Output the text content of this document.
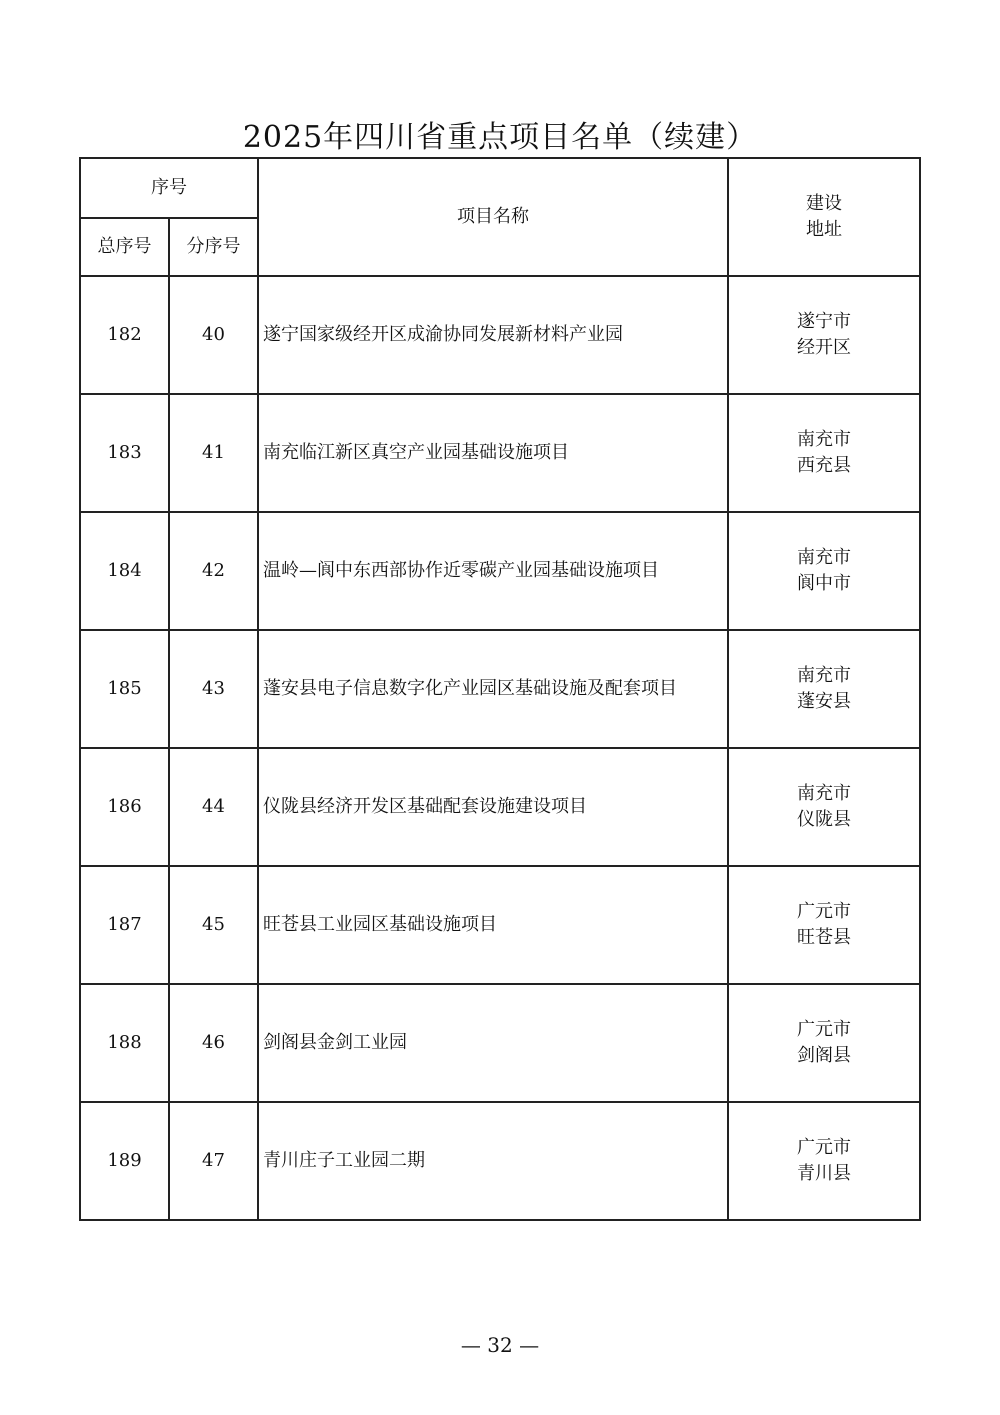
2025年四川省重点项目名单（续建）
序号		项目名称	建设
地址

总序号	分序号		
182	40	遂宁国家级经开区成渝协同发展新材料产业园	遂宁市
经开区

183	41	南充临江新区真空产业园基础设施项目	南充市
西充县

184	42	温岭—阆中东西部协作近零碳产业园基础设施项目	南充市
阆中市

185	43	蓬安县电子信息数字化产业园区基础设施及配套项目	南充市
蓬安县

186	44	仪陇县经济开发区基础配套设施建设项目	南充市
仪陇县

187	45	旺苍县工业园区基础设施项目	广元市
旺苍县

188	46	剑阁县金剑工业园	广元市
剑阁县

189	47	青川庄子工业园二期	广元市
青川县
— 32 —
